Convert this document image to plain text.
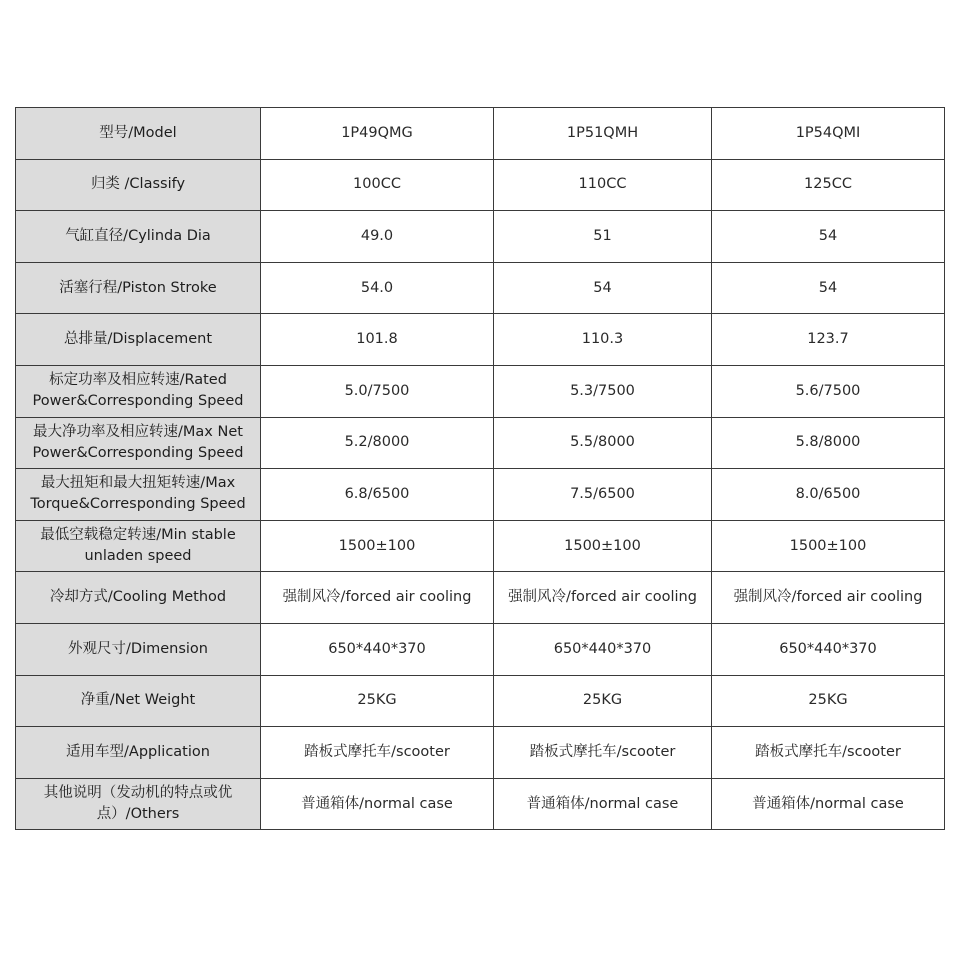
型号/Model	1P49QMG	1P51QMH	1P54QMI
归类 /Classify	100CC	110CC	125CC
气缸直径/Cylinda Dia	49.0	51	54
活塞行程/Piston Stroke	54.0	54	54
总排量/Displacement	101.8	110.3	123.7
标定功率及相应转速/Rated Power&Corresponding Speed	5.0/7500	5.3/7500	5.6/7500
最大净功率及相应转速/Max Net Power&Corresponding Speed	5.2/8000	5.5/8000	5.8/8000
最大扭矩和最大扭矩转速/Max Torque&Corresponding Speed	6.8/6500	7.5/6500	8.0/6500
最低空载稳定转速/Min stable unladen speed	1500±100	1500±100	1500±100
冷却方式/Cooling Method	强制风冷/forced air cooling	强制风冷/forced air cooling	强制风冷/forced air cooling
外观尺寸/Dimension	650*440*370	650*440*370	650*440*370
净重/Net Weight	25KG	25KG	25KG
适用车型/Application	踏板式摩托车/scooter	踏板式摩托车/scooter	踏板式摩托车/scooter
其他说明（发动机的特点或优点）/Others	普通箱体/normal case	普通箱体/normal case	普通箱体/normal case
